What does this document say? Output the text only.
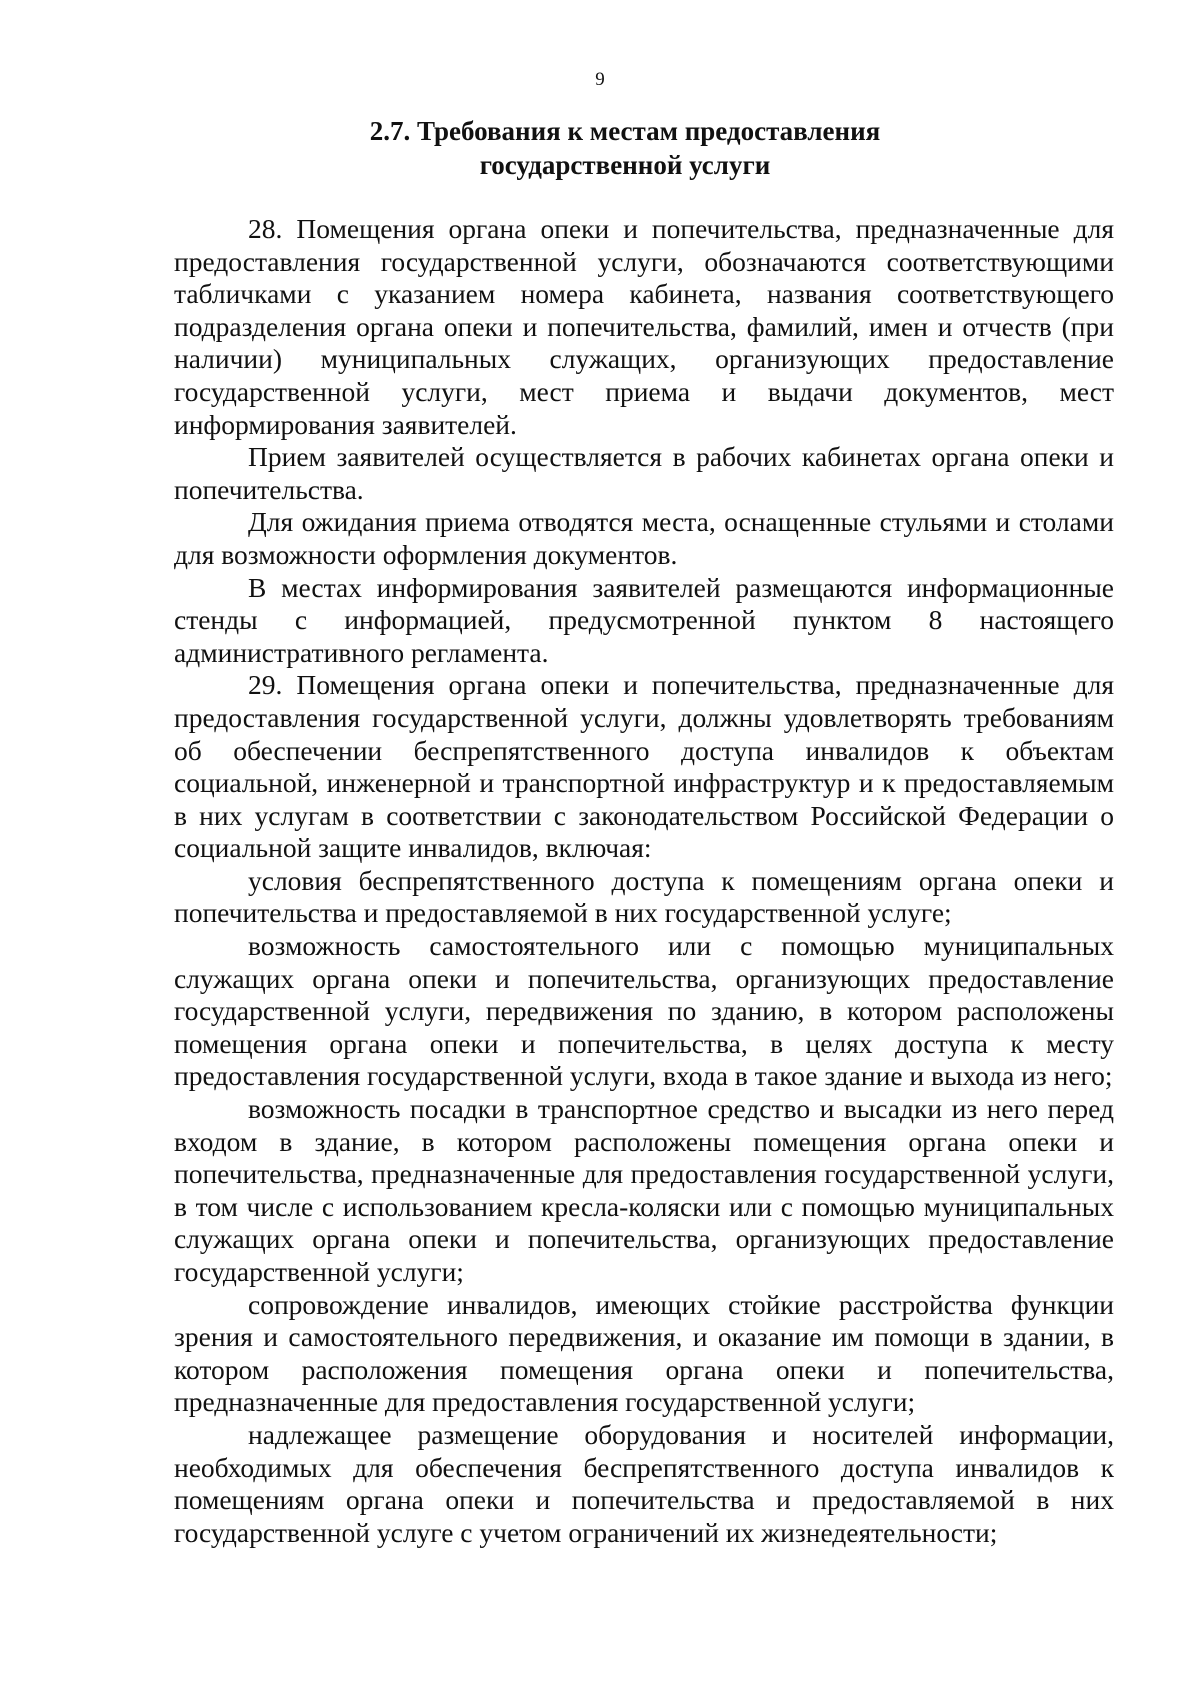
9
2.7. Требования к местам предоставления
государственной услуги

28. Помещения органа опеки и попечительства, предназначенные для предоставления государственной услуги, обозначаются соответствующими табличками с указанием номера кабинета, названия соответствующего подразделения органа опеки и попечительства, фамилий, имен и отчеств (при наличии) муниципальных служащих, организующих предоставление государственной услуги, мест приема и выдачи документов, мест информирования заявителей.

Прием заявителей осуществляется в рабочих кабинетах органа опеки и попечительства.

Для ожидания приема отводятся места, оснащенные стульями и столами для возможности оформления документов.

В местах информирования заявителей размещаются информационные стенды с информацией, предусмотренной пунктом 8 настоящего административного регламента.

29. Помещения органа опеки и попечительства, предназначенные для предоставления государственной услуги, должны удовлетворять требованиям об обеспечении беспрепятственного доступа инвалидов к объектам социальной, инженерной и транспортной инфраструктур и к предоставляемым в них услугам в соответствии с законодательством Российской Федерации о социальной защите инвалидов, включая:

условия беспрепятственного доступа к помещениям органа опеки и попечительства и предоставляемой в них государственной услуге;

возможность самостоятельного или с помощью муниципальных служащих органа опеки и попечительства, организующих предоставление государственной услуги, передвижения по зданию, в котором расположены помещения органа опеки и попечительства, в целях доступа к месту предоставления государственной услуги, входа в такое здание и выхода из него;

возможность посадки в транспортное средство и высадки из него перед входом в здание, в котором расположены помещения органа опеки и попечительства, предназначенные для предоставления государственной услуги, в том числе с использованием кресла-коляски или с помощью муниципальных служащих органа опеки и попечительства, организующих предоставление государственной услуги;

сопровождение инвалидов, имеющих стойкие расстройства функции зрения и самостоятельного передвижения, и оказание им помощи в здании, в котором расположения помещения органа опеки и попечительства, предназначенные для предоставления государственной услуги;

надлежащее размещение оборудования и носителей информации, необходимых для обеспечения беспрепятственного доступа инвалидов к помещениям органа опеки и попечительства и предоставляемой в них государственной услуге с учетом ограничений их жизнедеятельности;
